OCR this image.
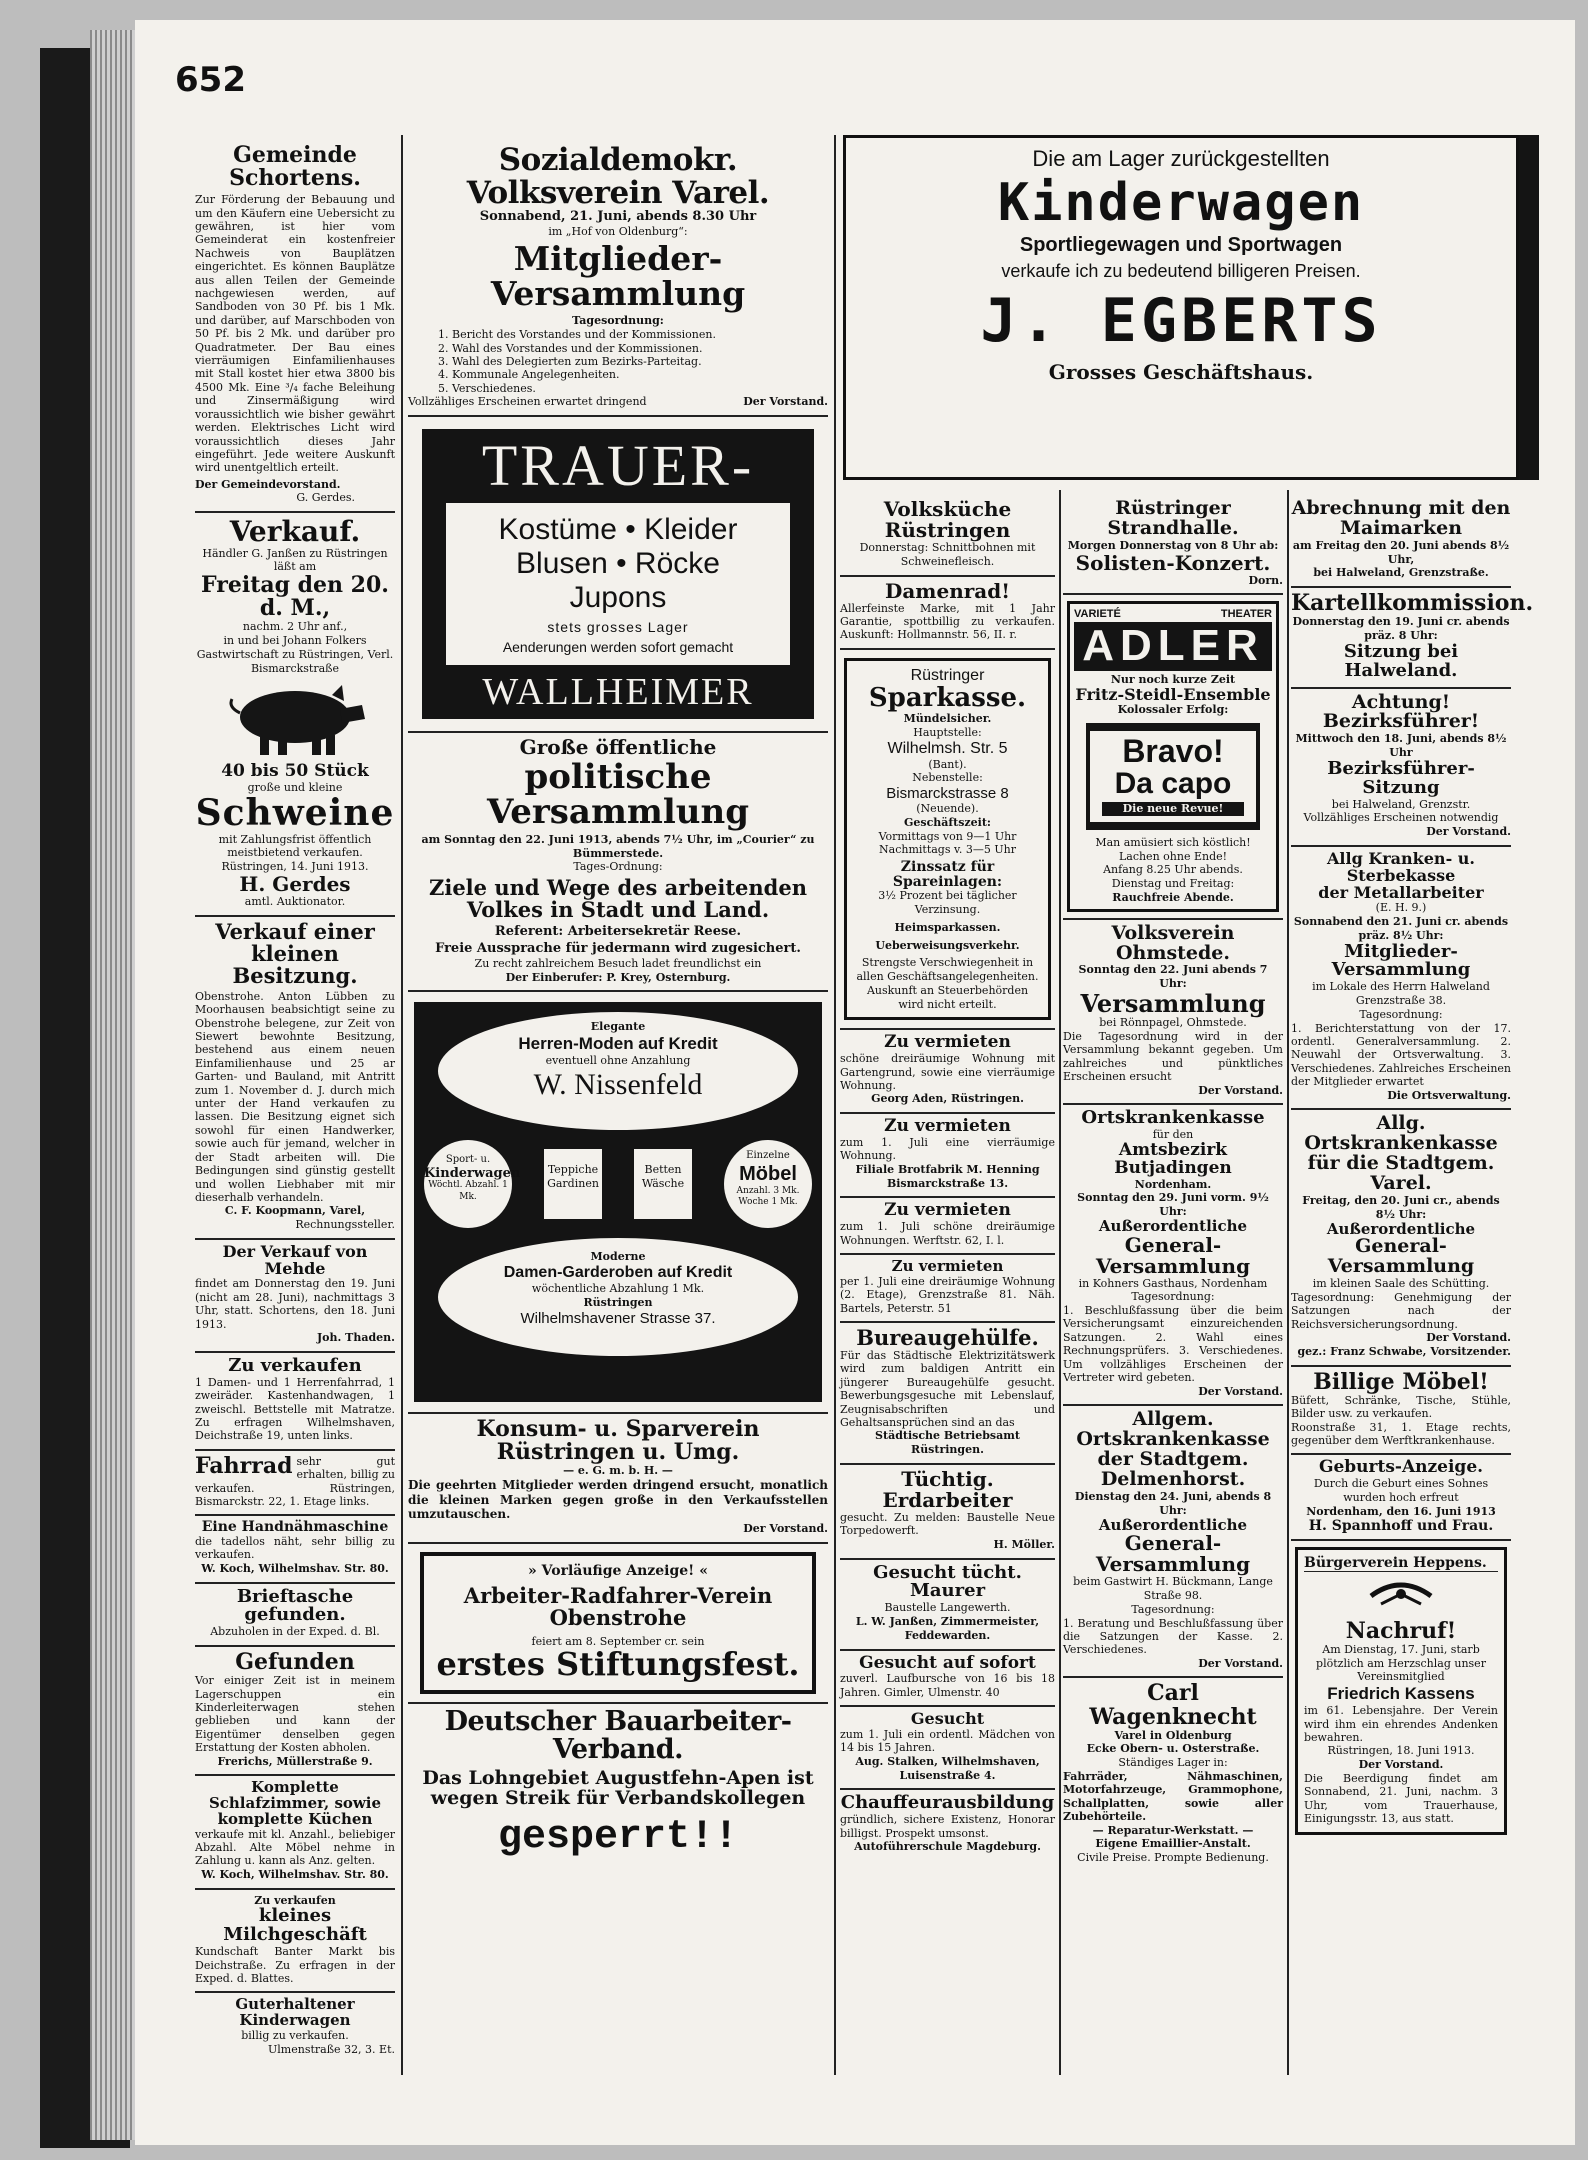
652
Gemeinde Schortens.
Zur Förderung der Bebauung und um den Käufern eine Uebersicht zu gewähren, ist hier vom Gemeinderat ein kostenfreier Nachweis von Bauplätzen eingerichtet. Es können Bauplätze aus allen Teilen der Gemeinde nachgewiesen werden, auf Sandboden von 30 Pf. bis 1 Mk. und darüber, auf Marschboden von 50 Pf. bis 2 Mk. und darüber pro Quadratmeter. Der Bau eines vierräumigen Einfamilienhauses mit Stall kostet hier etwa 3800 bis 4500 Mk. Eine ³/₄ fache Beleihung und Zinsermäßigung wird voraussichtlich wie bisher gewährt werden. Elektrisches Licht wird voraussichtlich dieses Jahr eingeführt. Jede weitere Auskunft wird unentgeltlich erteilt.
Der Gemeindevorstand.
G. Gerdes.
Verkauf.
Händler G. Janßen zu Rüstringen läßt am
Freitag den 20. d. M.,
nachm. 2 Uhr anf.,
in und bei Johann Folkers Gastwirtschaft zu Rüstringen, Verl. Bismarckstraße
40 bis 50 Stück
große und kleine
Schweine
mit Zahlungsfrist öffentlich meistbietend verkaufen.
Rüstringen, 14. Juni 1913.
H. Gerdes
amtl. Auktionator.
Verkauf einer kleinen Besitzung.
Obenstrohe. Anton Lübben zu Moorhausen beabsichtigt seine zu Obenstrohe belegene, zur Zeit von Siewert bewohnte Besitzung, bestehend aus einem neuen Einfamilienhause und 25 ar Garten- und Bauland, mit Antritt zum 1. November d. J. durch mich unter der Hand verkaufen zu lassen. Die Besitzung eignet sich sowohl für einen Handwerker, sowie auch für jemand, welcher in der Stadt arbeiten will. Die Bedingungen sind günstig gestellt und wollen Liebhaber mit mir dieserhalb verhandeln.
C. F. Koopmann, Varel,
Rechnungssteller.
Der Verkauf von Mehde
findet am Donnerstag den 19. Juni (nicht am 28. Juni), nachmittags 3 Uhr, statt. Schortens, den 18. Juni 1913.
Joh. Thaden.
Zu verkaufen
1 Damen- und 1 Herrenfahrrad, 1 zweiräder. Kastenhandwagen, 1 zweischl. Bettstelle mit Matratze. Zu erfragen Wilhelmshaven, Deichstraße 19, unten links.
Fahrrad sehr gut erhalten, billig zu verkaufen. Rüstringen, Bismarckstr. 22, 1. Etage links.
Eine Handnähmaschine
die tadellos näht, sehr billig zu verkaufen.
W. Koch, Wilhelmshav. Str. 80.
Brieftasche gefunden.
Abzuholen in der Exped. d. Bl.
Gefunden
Vor einiger Zeit ist in meinem Lagerschuppen ein Kinderleiterwagen stehen geblieben und kann der Eigentümer denselben gegen Erstattung der Kosten abholen.
Frerichs, Müllerstraße 9.
Komplette Schlafzimmer, sowie komplette Küchen
verkaufe mit kl. Anzahl., beliebiger Abzahl. Alte Möbel nehme in Zahlung u. kann als Anz. gelten.
W. Koch, Wilhelmshav. Str. 80.
Zu verkaufen
kleines Milchgeschäft
Kundschaft Banter Markt bis Deichstraße. Zu erfragen in der Exped. d. Blattes.
Guterhaltener Kinderwagen
billig zu verkaufen.
Ulmenstraße 32, 3. Et.
Sozialdemokr. Volksverein Varel.
Sonnabend, 21. Juni, abends 8.30 Uhr
im „Hof von Oldenburg“:
Mitglieder-Versammlung
Tagesordnung:
1. Bericht des Vorstandes und der Kommissionen.
2. Wahl des Vorstandes und der Kommissionen.
3. Wahl des Delegierten zum Bezirks-Parteitag.
4. Kommunale Angelegenheiten.
5. Verschiedenes.
Vollzähliges Erscheinen erwartet dringend	Der Vorstand.
TRAUER-
Kostüme • Kleider
Blusen • Röcke
Jupons
stets grosses Lager
Aenderungen werden sofort gemacht
WALLHEIMER
Große öffentliche
politische Versammlung
am Sonntag den 22. Juni 1913, abends 7½ Uhr, im „Courier“ zu Bümmerstede.
Tages-Ordnung:
Ziele und Wege des arbeitenden Volkes in Stadt und Land.
Referent: Arbeitersekretär Reese.
Freie Aussprache für jedermann wird zugesichert.
Zu recht zahlreichem Besuch ladet freundlichst ein
Der Einberufer: P. Krey, Osternburg.
Elegante
Herren-Moden auf Kredit
eventuell ohne Anzahlung
W. Nissenfeld
Sport- u.
Kinderwagen
Wöchtl. Abzahl. 1 Mk.
Teppiche
Gardinen
Betten
Wäsche
Einzelne
Möbel
Anzahl. 3 Mk. Woche 1 Mk.
Moderne
Damen-Garderoben auf Kredit
wöchentliche Abzahlung 1 Mk.
Rüstringen
Wilhelmshavener Strasse 37.
Konsum- u. Sparverein Rüstringen u. Umg.
— e. G. m. b. H. —
Die geehrten Mitglieder werden dringend ersucht, monatlich die kleinen Marken gegen große in den Verkaufsstellen umzutauschen.
Der Vorstand.
» Vorläufige Anzeige! «
Arbeiter-Radfahrer-Verein Obenstrohe
feiert am 8. September cr. sein
erstes Stiftungsfest.
Deutscher Bauarbeiter-Verband.
Das Lohngebiet Augustfehn-Apen ist wegen Streik für Verbandskollegen
gesperrt!!
Die am Lager zurückgestellten
Kinderwagen
Sportliegewagen und Sportwagen
verkaufe ich zu bedeutend billigeren Preisen.
J. EGBERTS
Grosses Geschäftshaus.
Volksküche Rüstringen
Donnerstag: Schnittbohnen mit Schweinefleisch.
Damenrad!
Allerfeinste Marke, mit 1 Jahr Garantie, spottbillig zu verkaufen. Auskunft: Hollmannstr. 56, II. r.
Rüstringer
Sparkasse.
Mündelsicher.
Hauptstelle:
Wilhelmsh. Str. 5
(Bant).
Nebenstelle:
Bismarckstrasse 8
(Neuende).
Geschäftszeit:
Vormittags von 9—1 Uhr Nachmittags v. 3—5 Uhr
Zinssatz für Spareinlagen:
3½ Prozent bei täglicher Verzinsung.
Heimsparkassen.
Ueberweisungsverkehr.
Strengste Verschwiegenheit in allen Geschäftsangelegenheiten. Auskunft an Steuerbehörden wird nicht erteilt.
Zu vermieten
schöne dreiräumige Wohnung mit Gartengrund, sowie eine vierräumige Wohnung.
Georg Aden, Rüstringen.
Zu vermieten
zum 1. Juli eine vierräumige Wohnung.
Filiale Brotfabrik M. Henning Bismarckstraße 13.
Zu vermieten
zum 1. Juli schöne dreiräumige Wohnungen. Werftstr. 62, I. l.
Zu vermieten
per 1. Juli eine dreiräumige Wohnung (2. Etage), Grenzstraße 81. Näh. Bartels, Peterstr. 51
Bureaugehülfe.
Für das Städtische Elektrizitätswerk wird zum baldigen Antritt ein jüngerer Bureaugehülfe gesucht. Bewerbungsgesuche mit Lebenslauf, Zeugnisabschriften und Gehaltsansprüchen sind an das
Städtische Betriebsamt Rüstringen.
Tüchtig. Erdarbeiter
gesucht. Zu melden: Baustelle Neue Torpedowerft.
H. Möller.
Gesucht tücht. Maurer
Baustelle Langewerth.
L. W. Janßen, Zimmermeister, Feddewarden.
Gesucht auf sofort
zuverl. Laufbursche von 16 bis 18 Jahren. Gimler, Ulmenstr. 40
Gesucht
zum 1. Juli ein ordentl. Mädchen von 14 bis 15 Jahren.
Aug. Stalken, Wilhelmshaven, Luisenstraße 4.
Chauffeurausbildung
gründlich, sichere Existenz, Honorar billigst. Prospekt umsonst.
Autoführerschule Magdeburg.
Rüstringer Strandhalle.
Morgen Donnerstag von 8 Uhr ab:
Solisten-Konzert.
Dorn.
VARIETÉ	THEATER
ADLER
Nur noch kurze Zeit
Fritz-Steidl-Ensemble
Kolossaler Erfolg:
Bravo!
Da capo
Die neue Revue!
Man amüsiert sich köstlich! Lachen ohne Ende!
Anfang 8.25 Uhr abends.
Dienstag und Freitag:
Rauchfreie Abende.
Volksverein Ohmstede.
Sonntag den 22. Juni abends 7 Uhr:
Versammlung
bei Rönnpagel, Ohmstede.
Die Tagesordnung wird in der Versammlung bekannt gegeben. Um zahlreiches und pünktliches Erscheinen ersucht
Der Vorstand.
Ortskrankenkasse
für den
Amtsbezirk Butjadingen
Nordenham.
Sonntag den 29. Juni vorm. 9½ Uhr:
Außerordentliche
General-Versammlung
in Kohners Gasthaus, Nordenham
Tagesordnung:
1. Beschlußfassung über die beim Versicherungsamt einzureichenden Satzungen. 2. Wahl eines Rechnungsprüfers. 3. Verschiedenes. Um vollzähliges Erscheinen der Vertreter wird gebeten.
Der Vorstand.
Allgem. Ortskrankenkasse der Stadtgem. Delmenhorst.
Dienstag den 24. Juni, abends 8 Uhr:
Außerordentliche
General-Versammlung
beim Gastwirt H. Bückmann, Lange Straße 98.
Tagesordnung:
1. Beratung und Beschlußfassung über die Satzungen der Kasse. 2. Verschiedenes.
Der Vorstand.
Carl Wagenknecht
Varel in Oldenburg
Ecke Obern- u. Osterstraße.
Ständiges Lager in:
Fahrräder, Nähmaschinen, Motorfahrzeuge, Grammophone, Schallplatten, sowie aller Zubehörteile.
— Reparatur-Werkstatt. —
Eigene Emaillier-Anstalt.
Civile Preise. Prompte Bedienung.
Abrechnung mit den Maimarken
am Freitag den 20. Juni abends 8½ Uhr,
bei Halweland, Grenzstraße.
Kartellkommission.
Donnerstag den 19. Juni cr. abends präz. 8 Uhr:
Sitzung bei Halweland.
Achtung! Bezirksführer!
Mittwoch den 18. Juni, abends 8½ Uhr
Bezirksführer-Sitzung
bei Halweland, Grenzstr.
Vollzähliges Erscheinen notwendig
Der Vorstand.
Allg Kranken- u. Sterbekasse
der Metallarbeiter
(E. H. 9.)
Sonnabend den 21. Juni cr. abends präz. 8½ Uhr:
Mitglieder-Versammlung
im Lokale des Herrn Halweland Grenzstraße 38.
Tagesordnung:
1. Berichterstattung von der 17. ordentl. Generalversammlung. 2. Neuwahl der Ortsverwaltung. 3. Verschiedenes. Zahlreiches Erscheinen der Mitglieder erwartet
Die Ortsverwaltung.
Allg. Ortskrankenkasse für die Stadtgem. Varel.
Freitag, den 20. Juni cr., abends 8½ Uhr:
Außerordentliche
General-Versammlung
im kleinen Saale des Schütting.
Tagesordnung: Genehmigung der Satzungen nach der Reichsversicherungsordnung.
Der Vorstand.
gez.: Franz Schwabe, Vorsitzender.
Billige Möbel!
Büfett, Schränke, Tische, Stühle, Bilder usw. zu verkaufen.
Roonstraße 31, 1. Etage rechts, gegenüber dem Werftkrankenhause.
Geburts-Anzeige.
Durch die Geburt eines Sohnes wurden hoch erfreut
Nordenham, den 16. Juni 1913
H. Spannhoff und Frau.
Bürgerverein Heppens.
Nachruf!
Am Dienstag, 17. Juni, starb plötzlich am Herzschlag unser Vereinsmitglied
Friedrich Kassens
im 61. Lebensjahre. Der Verein wird ihm ein ehrendes Andenken bewahren.
Rüstringen, 18. Juni 1913.
Der Vorstand.
Die Beerdigung findet am Sonnabend, 21. Juni, nachm. 3 Uhr, vom Trauerhause, Einigungsstr. 13, aus statt.
